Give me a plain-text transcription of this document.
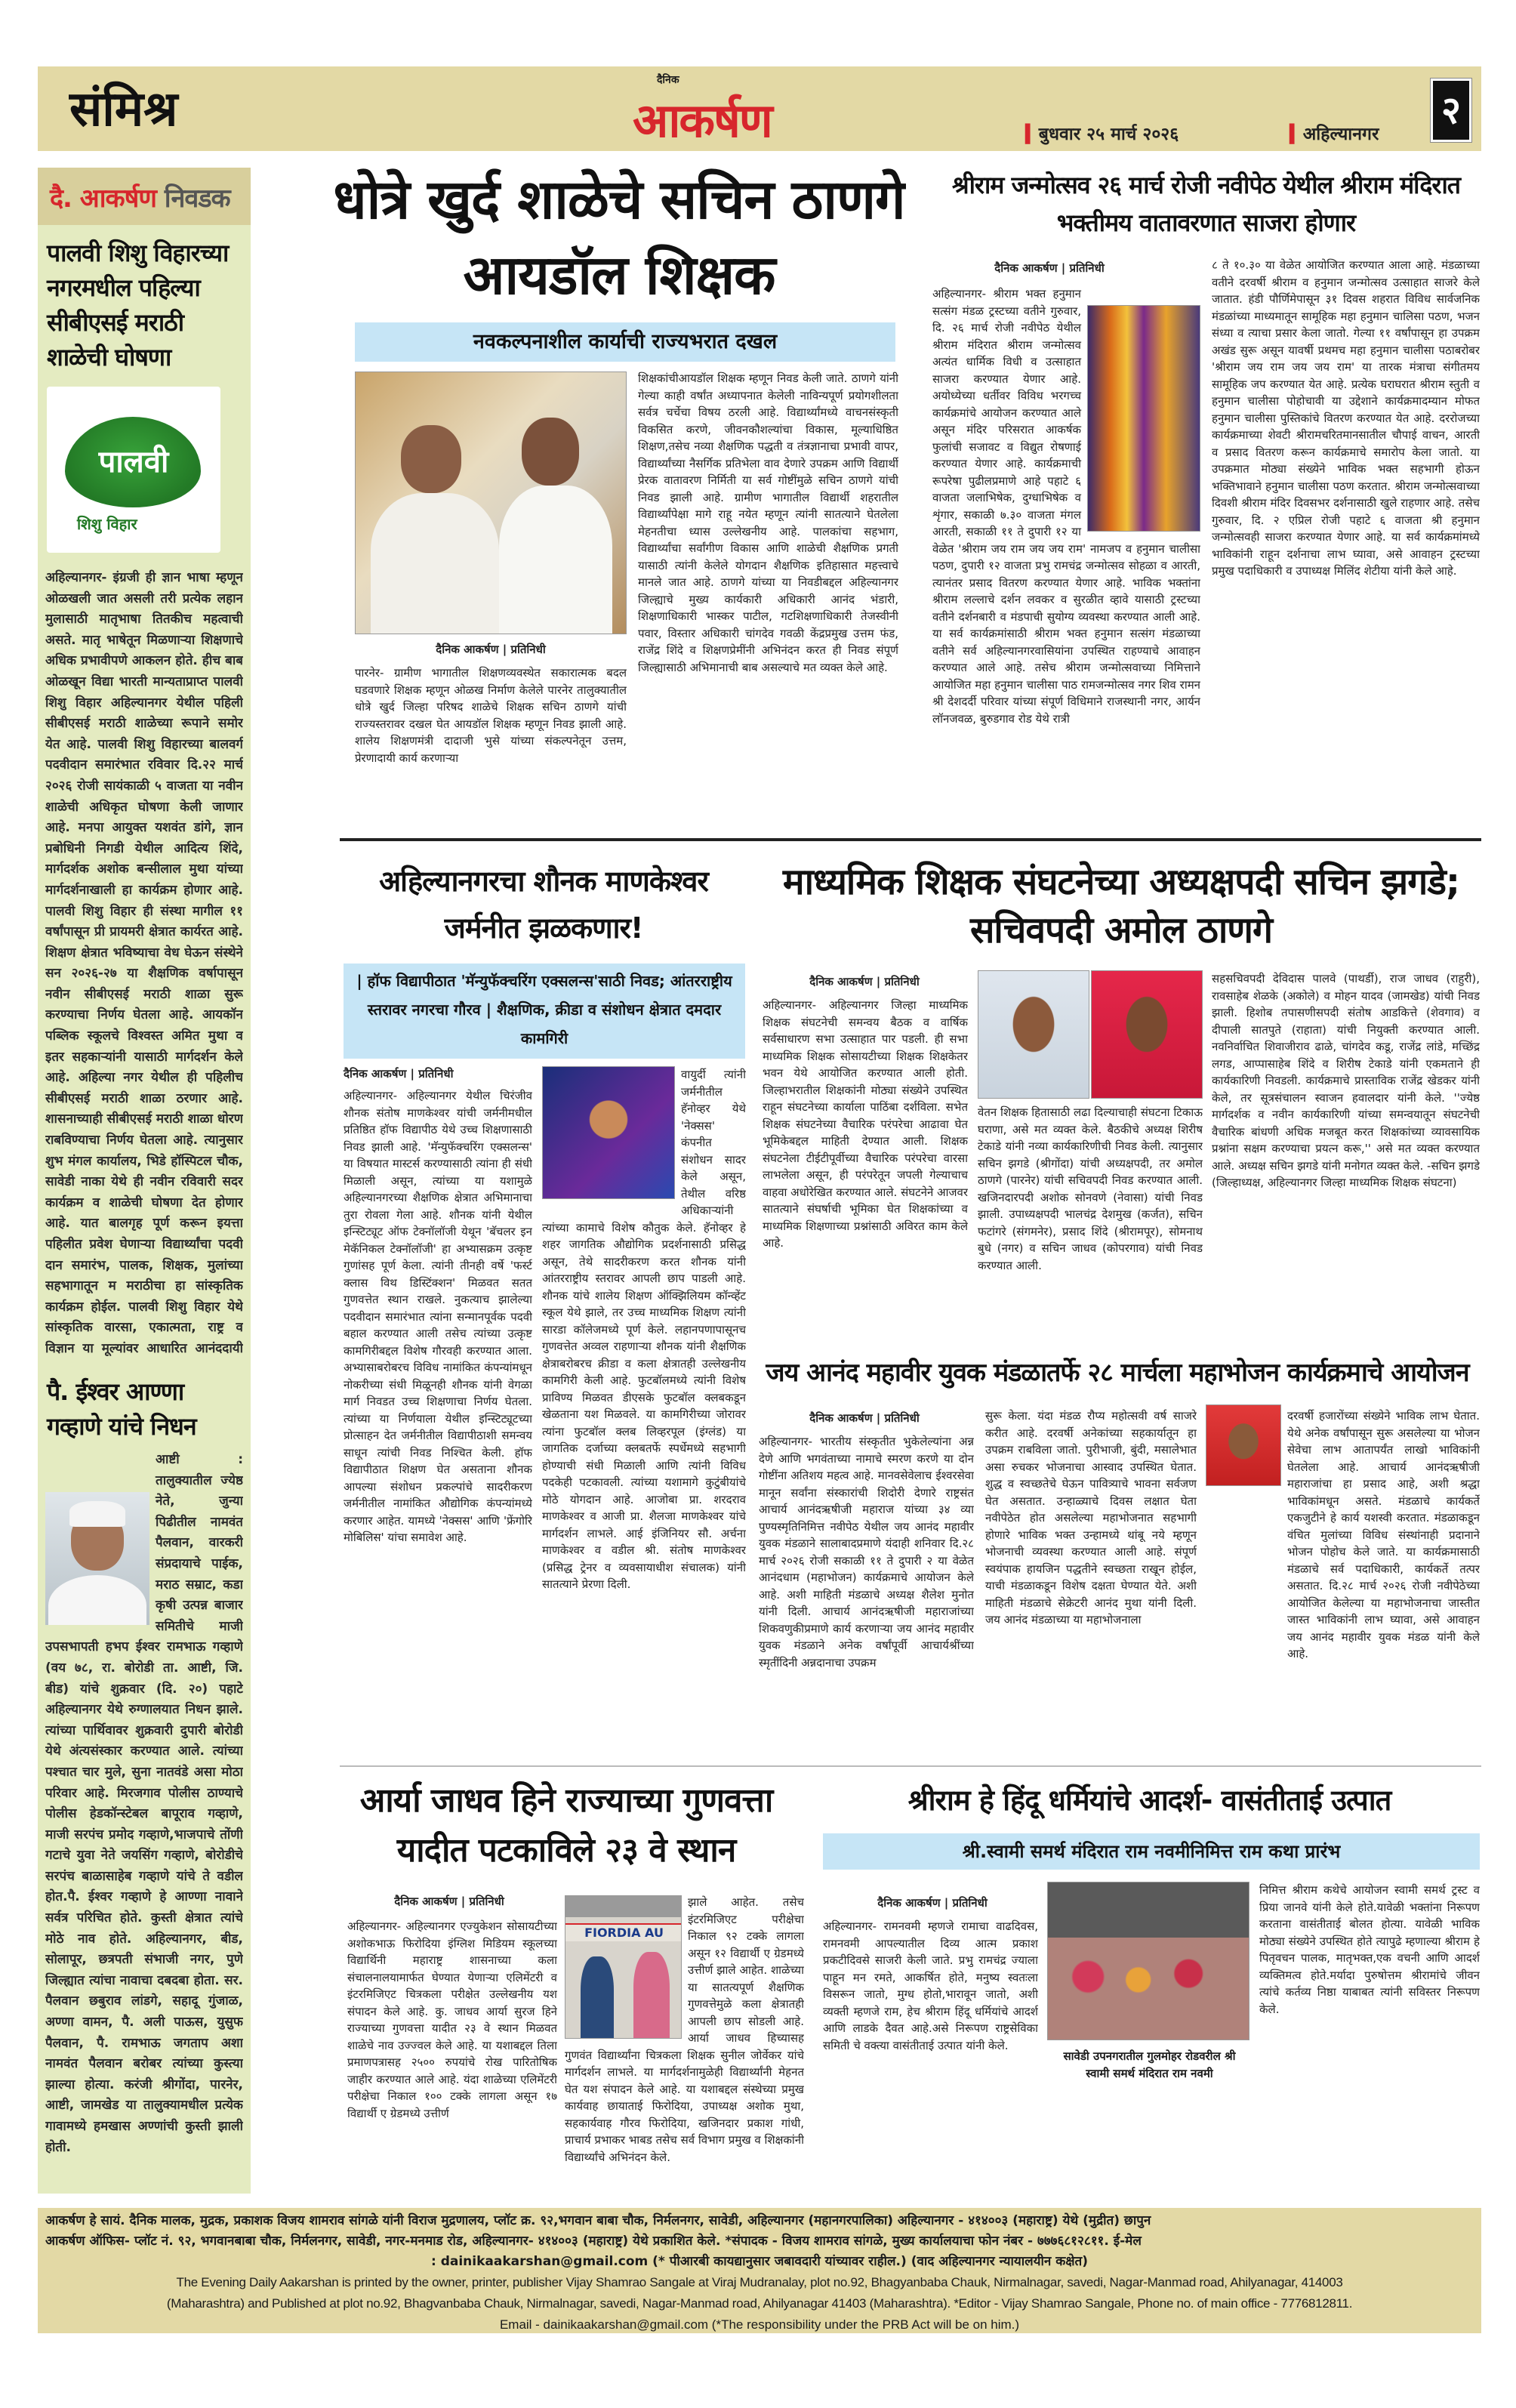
संमिश्र
दैनिक
आकर्षण	▍बुधवार २५ मार्च २०२६	▍अहिल्यानगर
२
दै. आकर्षण निवडक
पालवी शिशु विहारच्या नगरमधील पहिल्या सीबीएसई मराठी शाळेची घोषणा
पालवी
शिशु विहार
अहिल्यानगर- इंग्रजी ही ज्ञान भाषा म्हणून ओळखली जात असली तरी प्रत्येक लहान मुलासाठी मातृभाषा तितकीच महत्वाची असते. मातृ भाषेतून मिळणाऱ्या शिक्षणाचे अधिक प्रभावीपणे आकलन होते. हीच बाब ओळखून विद्या भारती मान्यताप्राप्त पालवी शिशु विहार अहिल्यानगर येथील पहिली सीबीएसई मराठी शाळेच्या रूपाने समोर येत आहे. पालवी शिशु विहारच्या बालवर्ग पदवीदान समारंभात रविवार दि.२२ मार्च २०२६ रोजी सायंकाळी ५ वाजता या नवीन शाळेची अधिकृत घोषणा केली जाणार आहे. मनपा आयुक्त यशवंत डांगे, ज्ञान प्रबोधिनी निगडी येथील आदित्य शिंदे, मार्गदर्शक अशोक बन्सीलाल मुथा यांच्या मार्गदर्शनाखाली हा कार्यक्रम होणार आहे. पालवी शिशु विहार ही संस्था मागील ११ वर्षांपासून प्री प्रायमरी क्षेत्रात कार्यरत आहे. शिक्षण क्षेत्रात भविष्याचा वेध घेऊन संस्थेने सन २०२६-२७ या शैक्षणिक वर्षापासून नवीन सीबीएसई मराठी शाळा सुरू करण्याचा निर्णय घेतला आहे. आयकॉन पब्लिक स्कूलचे विश्वस्त अमित मुथा व इतर सहकाऱ्यांनी यासाठी मार्गदर्शन केले आहे. अहिल्या नगर येथील ही पहिलीच सीबीएसई मराठी शाळा ठरणार आहे. शासनाच्याही सीबीएसई मराठी शाळा धोरण राबविण्याचा निर्णय घेतला आहे. त्यानुसार शुभ मंगल कार्यालय, भिडे हॉस्पिटल चौक, सावेडी नाका येथे ही नवीन रविवारी सदर कार्यक्रम व शाळेची घोषणा देत होणार आहे. यात बालगृह पूर्ण करून इयत्ता पहिलीत प्रवेश घेणाऱ्या विद्यार्थ्यांचा पदवी दान समारंभ, पालक, शिक्षक, मुलांच्या सहभागातून म मराठीचा हा सांस्कृतिक कार्यक्रम होईल. पालवी शिशु विहार येथे सांस्कृतिक वारसा, एकात्मता, राष्ट्र व विज्ञान या मूल्यांवर आधारित आनंददायी
पै. ईश्वर आण्णा गव्हाणे यांचे निधन
आष्टी : तालुक्यातील ज्येष्ठ नेते, जुन्या पिढीतील नामवंत पैलवान, वारकरी संप्रदायाचे पाईक, मराठ सम्राट, कडा कृषी उत्पन्न बाजार समितीचे माजी उपसभापती हभप ईश्वर रामभाऊ गव्हाणे (वय ७८, रा. बोरोडी ता. आष्टी, जि. बीड) यांचे शुक्रवार (दि. २०) पहाटे अहिल्यानगर येथे रुग्णालयात निधन झाले. त्यांच्या पार्थिवावर शुक्रवारी दुपारी बोरोडी येथे अंत्यसंस्कार करण्यात आले. त्यांच्या पश्चात चार मुले, सुना नातवंडे असा मोठा परिवार आहे. मिरजगाव पोलीस ठाण्याचे पोलीस हेडकॉन्स्टेबल बापूराव गव्हाणे, माजी सरपंच प्रमोद गव्हाणे,भाजपाचे तोंणी गटाचे युवा नेते जयसिंग गव्हाणे, बोरोडीचे सरपंच बाळासाहेब गव्हाणे यांचे ते वडील होत.पै. ईश्वर गव्हाणे हे आण्णा नावाने सर्वत्र परिचित होते. कुस्ती क्षेत्रात त्यांचे मोठे नाव होते. अहिल्यानगर, बीड, सोलापूर, छत्रपती संभाजी नगर, पुणे जिल्ह्यात त्यांचा नावाचा दबदबा होता. सर. पैलवान छबुराव लांडगे, सहादू गुंजाळ, अण्णा वामन, पै. अली पाऊस, युसुफ पैलवान, पै. रामभाऊ जगताप अशा नामवंत पैलवान बरोबर त्यांच्या कुस्त्या झाल्या होत्या. करंजी श्रीगोंदा, पारनेर, आष्टी, जामखेड या तालुक्यामधील प्रत्येक गावामध्ये हमखास अण्णांची कुस्ती झाली होती.
धोत्रे खुर्द शाळेचे सचिन ठाणगे आयडॉल शिक्षक
नवकल्पनाशील कार्याची राज्यभरात दखल
दैनिक आकर्षण | प्रतिनिधी
पारनेर- ग्रामीण भागातील शिक्षणव्यवस्थेत सकारात्मक बदल घडवणारे शिक्षक म्हणून ओळख निर्माण केलेले पारनेर तालुक्यातील धोत्रे खुर्द जिल्हा परिषद शाळेचे शिक्षक सचिन ठाणगे यांची राज्यस्तरावर दखल घेत आयडॉल शिक्षक म्हणून निवड झाली आहे. शालेय शिक्षणमंत्री दादाजी भुसे यांच्या संकल्पनेतून उत्तम, प्रेरणादायी कार्य करणाऱ्या
शिक्षकांचीआयडॉल शिक्षक म्हणून निवड केली जाते. ठाणगे यांनी गेल्या काही वर्षांत अध्यापनात केलेली नाविन्यपूर्ण प्रयोगशीलता सर्वत्र चर्चेचा विषय ठरली आहे. विद्यार्थ्यांमध्ये वाचनसंस्कृती विकसित करणे, जीवनकौशल्यांचा विकास, मूल्याधिष्ठित शिक्षण,तसेच नव्या शैक्षणिक पद्धती व तंत्रज्ञानाचा प्रभावी वापर, विद्यार्थ्यांच्या नैसर्गिक प्रतिभेला वाव देणारे उपक्रम आणि विद्यार्थी प्रेरक वातावरण निर्मिती या सर्व गोष्टींमुळे सचिन ठाणगे यांची निवड झाली आहे. ग्रामीण भागातील विद्यार्थी शहरातील विद्यार्थ्यांपेक्षा मागे राहू नयेत म्हणून त्यांनी सातत्याने घेतलेला मेहनतीचा ध्यास उल्लेखनीय आहे. पालकांचा सहभाग, विद्यार्थ्यांचा सर्वांगीण विकास आणि शाळेची शैक्षणिक प्रगती यासाठी त्यांनी केलेले योगदान शैक्षणिक इतिहासात महत्त्वाचे मानले जात आहे. ठाणगे यांच्या या निवडीबद्दल अहिल्यानगर जिल्ह्याचे मुख्य कार्यकारी अधिकारी आनंद भंडारी, शिक्षणाधिकारी भास्कर पाटील, गटशिक्षणाधिकारी तेजस्वीनी पवार, विस्तार अधिकारी चांगदेव गवळी केंद्रप्रमुख उत्तम फंड, राजेंद्र शिंदे व शिक्षणप्रेमींनी अभिनंदन करत ही निवड संपूर्ण जिल्ह्यासाठी अभिमानाची बाब असल्याचे मत व्यक्त केले आहे.
श्रीराम जन्मोत्सव २६ मार्च रोजी नवीपेठ येथील श्रीराम मंदिरात भक्तीमय वातावरणात साजरा होणार
दैनिक आकर्षण | प्रतिनिधी
अहिल्यानगर- श्रीराम भक्त हनुमान सत्संग मंडळ ट्रस्टच्या वतीने गुरुवार, दि. २६ मार्च रोजी नवीपेठ येथील श्रीराम मंदिरात श्रीराम जन्मोत्सव अत्यंत धार्मिक विधी व उत्साहात साजरा करण्यात येणार आहे. अयोध्येच्या धर्तीवर विविध भरगच्च कार्यक्रमांचे आयोजन करण्यात आले असून मंदिर परिसरात आकर्षक फुलांची सजावट व विद्युत रोषणाई करण्यात येणार आहे. कार्यक्रमाची रूपरेषा पुढीलप्रमाणे आहे पहाटे ६ वाजता जलाभिषेक, दुग्धाभिषेक व शृंगार, सकाळी ७.३० वाजता मंगल आरती, सकाळी ११ ते दुपारी १२ या वेळेत 'श्रीराम जय राम जय जय राम' नामजप व हनुमान चालीसा पठण, दुपारी १२ वाजता प्रभु रामचंद्र जन्मोत्सव सोहळा व आरती, त्यानंतर प्रसाद वितरण करण्यात येणार आहे. भाविक भक्तांना श्रीराम लल्लाचे दर्शन लवकर व सुरळीत व्हावे यासाठी ट्रस्टच्या वतीने दर्शनबारी व मंडपाची सुयोग्य व्यवस्था करण्यात आली आहे. या सर्व कार्यक्रमांसाठी श्रीराम भक्त हनुमान सत्संग मंडळाच्या वतीने सर्व अहिल्यानगरवासियांना उपस्थित राहण्याचे आवाहन करण्यात आले आहे. तसेच श्रीराम जन्मोत्सवाच्या निमित्ताने आयोजित महा हनुमान चालीसा पाठ रामजन्मोत्सव नगर शिव रामन श्री देशदर्दी परिवार यांच्या संपूर्ण विधिमाने राजस्थानी नगर, आर्यन लॉनजवळ, बुरुडगाव रोड येथे रात्री
८ ते १०.३० या वेळेत आयोजित करण्यात आला आहे. मंडळाच्या वतीने दरवर्षी श्रीराम व हनुमान जन्मोत्सव उत्साहात साजरे केले जातात. हंडी पौर्णिमेपासून ३१ दिवस शहरात विविध सार्वजनिक मंडळांच्या माध्यमातून सामूहिक महा हनुमान चालिसा पठण, भजन संध्या व त्याचा प्रसार केला जातो. गेल्या ११ वर्षांपासून हा उपक्रम अखंड सुरू असून यावर्षी प्रथमच महा हनुमान चालीसा पठाबरोबर 'श्रीराम जय राम जय जय राम' या तारक मंत्राचा संगीतमय सामूहिक जप करण्यात येत आहे. प्रत्येक घराघरात श्रीराम स्तुती व हनुमान चालीसा पोहोचावी या उद्देशाने कार्यक्रमादम्यान मोफत हनुमान चालीसा पुस्तिकांचे वितरण करण्यात येत आहे. दररोजच्या कार्यक्रमाच्या शेवटी श्रीरामचरितमानसातील चौपाई वाचन, आरती व प्रसाद वितरण करून कार्यक्रमाचे समारोप केला जातो. या उपक्रमात मोठ्या संख्येने भाविक भक्त सहभागी होऊन भक्तिभावाने हनुमान चालीसा पठण करतात. श्रीराम जन्मोत्सवाच्या दिवशी श्रीराम मंदिर दिवसभर दर्शनासाठी खुले राहणार आहे. तसेच गुरुवार, दि. २ एप्रिल रोजी पहाटे ६ वाजता श्री हनुमान जन्मोत्सवही साजरा करण्यात येणार आहे. या सर्व कार्यक्रमांमध्ये भाविकांनी राहून दर्शनाचा लाभ घ्यावा, असे आवाहन ट्रस्टच्या प्रमुख पदाधिकारी व उपाध्यक्ष मिलिंद शेटीया यांनी केले आहे.
अहिल्यानगरचा शौनक माणकेश्वर जर्मनीत झळकणार!
| हॉफ विद्यापीठात 'मॅन्युफॅक्चरिंग एक्सलन्स'साठी निवड; आंतरराष्ट्रीय स्तरावर नगरचा गौरव | शैक्षणिक, क्रीडा व संशोधन क्षेत्रात दमदार कामगिरी
दैनिक आकर्षण | प्रतिनिधी
अहिल्यानगर- अहिल्यानगर येथील चिरंजीव शौनक संतोष माणकेश्वर यांची जर्मनीमधील प्रतिष्ठित हॉफ विद्यापीठ येथे उच्च शिक्षणासाठी निवड झाली आहे. 'मॅन्युफॅक्चरिंग एक्सलन्स' या विषयात मास्टर्स करण्यासाठी त्यांना ही संधी मिळाली असून, त्यांच्या या यशामुळे अहिल्यानगरच्या शैक्षणिक क्षेत्रात अभिमानाचा तुरा रोवला गेला आहे. शौनक यांनी येथील इन्स्टिट्यूट ऑफ टेक्नॉलॉजी येथून 'बॅचलर इन मेकॅनिकल टेक्नॉलॉजी' हा अभ्यासक्रम उत्कृष्ट गुणांसह पूर्ण केला. त्यांनी तीनही वर्षे 'फर्स्ट क्लास विथ डिस्टिंक्शन' मिळवत सतत गुणवत्तेत स्थान राखले. नुकत्याच झालेल्या पदवीदान समारंभात त्यांना सन्मानपूर्वक पदवी बहाल करण्यात आली तसेच त्यांच्या उत्कृष्ट कामगिरीबद्दल विशेष गौरवही करण्यात आला. अभ्यासाबरोबरच विविध नामांकित कंपन्यांमधून नोकरीच्या संधी मिळूनही शौनक यांनी वेगळा मार्ग निवडत उच्च शिक्षणाचा निर्णय घेतला. त्यांच्या या निर्णयाला येथील इन्स्टिट्यूटच्या प्रोत्साहन देत जर्मनीतील विद्यापीठाशी समन्वय साधून त्यांची निवड निश्चित केली. हॉफ विद्यापीठात शिक्षण घेत असताना शौनक आपल्या संशोधन प्रकल्पांचे सादरीकरण जर्मनीतील नामांकित औद्योगिक कंपन्यांमध्ये करणार आहेत. यामध्ये 'नेक्सस' आणि 'फ्रेंगोरि मोबिलिस' यांचा समावेश आहे.
वायुर्दी त्यांनी जर्मनीतील हॅनोव्हर येथे 'नेक्सस' कंपनीत संशोधन सादर केले असून, तेथील वरिष्ठ अधिकाऱ्यांनी त्यांच्या कामाचे विशेष कौतुक केले. हॅनोव्हर हे शहर जागतिक औद्योगिक प्रदर्शनासाठी प्रसिद्ध असून, तेथे सादरीकरण करत शौनक यांनी आंतरराष्ट्रीय स्तरावर आपली छाप पाडली आहे. शौनक यांचे शालेय शिक्षण ऑक्झिलियम कॉन्व्हेंट स्कूल येथे झाले, तर उच्च माध्यमिक शिक्षण त्यांनी सारडा कॉलेजमध्ये पूर्ण केले. लहानपणापासूनच गुणवत्तेत अव्वल राहणाऱ्या शौनक यांनी शैक्षणिक क्षेत्राबरोबरच क्रीडा व कला क्षेत्रातही उल्लेखनीय कामगिरी केली आहे. फुटबॉलमध्ये त्यांनी विशेष प्राविण्य मिळवत डीएसके फुटबॉल क्लबकडून खेळताना यश मिळवले. या कामगिरीच्या जोरावर त्यांना फुटबॉल क्लब लिव्हरपूल (इंग्लंड) या जागतिक दर्जाच्या क्लबतर्फे स्पर्धेमध्ये सहभागी होण्याची संधी मिळाली आणि त्यांनी विविध पदकेही पटकावली. त्यांच्या यशामागे कुटुंबीयांचे मोठे योगदान आहे. आजोबा प्रा. शरदराव माणकेश्वर व आजी प्रा. शैलजा माणकेश्वर यांचे मार्गदर्शन लाभले. आई इंजिनियर सौ. अर्चना माणकेश्वर व वडील श्री. संतोष माणकेश्वर (प्रसिद्ध ट्रेनर व व्यवसायाधीश संचालक) यांनी सातत्याने प्रेरणा दिली.
माध्यमिक शिक्षक संघटनेच्या अध्यक्षपदी सचिन झगडे; सचिवपदी अमोल ठाणगे
दैनिक आकर्षण | प्रतिनिधी
अहिल्यानगर- अहिल्यानगर जिल्हा माध्यमिक शिक्षक संघटनेची समन्वय बैठक व वार्षिक सर्वसाधारण सभा उत्साहात पार पडली. ही सभा माध्यमिक शिक्षक सोसायटीच्या शिक्षक शिक्षकेतर भवन येथे आयोजित करण्यात आली होती. जिल्हाभरातील शिक्षकांनी मोठ्या संख्येने उपस्थित राहून संघटनेच्या कार्याला पाठिंबा दर्शविला. सभेत शिक्षक संघटनेच्या वैचारिक परंपरेचा आढावा घेत भूमिकेबद्दल माहिती देण्यात आली. शिक्षक संघटनेला टीईटीपूर्वीच्या वैचारिक परंपरेचा वारसा लाभलेला असून, ही परंपरेतून जपली गेल्याचाच वाहवा अधोरेखित करण्यात आले. संघटनेने आजवर सातत्याने संघर्षाची भूमिका घेत शिक्षकांच्या व माध्यमिक शिक्षणाच्या प्रश्नांसाठी अविरत काम केले आहे.
वेतन शिक्षक हितासाठी लढा दिल्याचाही संघटना टिकाऊ घराणा, असे मत व्यक्त केले. बैठकीचे अध्यक्ष शिरीष टेकाडे यांनी नव्या कार्यकारिणीची निवड केली. त्यानुसार सचिन झगडे (श्रीगोंदा) यांची अध्यक्षपदी, तर अमोल ठाणगे (पारनेर) यांची सचिवपदी निवड करण्यात आली. खजिनदारपदी अशोक सोनवणे (नेवासा) यांची निवड झाली. उपाध्यक्षपदी भालचंद्र देशमुख (कर्जत), सचिन फटांगरे (संगमनेर), प्रसाद शिंदे (श्रीरामपूर), सोमनाथ बुधे (नगर) व सचिन जाधव (कोपरगाव) यांची निवड करण्यात आली.
सहसचिवपदी देविदास पालवे (पाथर्डी), राज जाधव (राहुरी), रावसाहेब शेळके (अकोले) व मोहन यादव (जामखेड) यांची निवड झाली. हिशोब तपासणीसपदी संतोष आडकित्ते (शेवगाव) व दीपाली सातपुते (राहाता) यांची नियुक्ती करण्यात आली. नवनिर्वाचित शिवाजीराव ढाळे, चांगदेव कडू, राजेंद्र लांडे, मच्छिंद्र लगड, आप्पासाहेब शिंदे व शिरीष टेकाडे यांनी एकमताने ही कार्यकारिणी निवडली. कार्यक्रमाचे प्रास्ताविक राजेंद्र खेडकर यांनी केले, तर सूत्रसंचालन स्वाजन हवालदार यांनी केले. ''ज्येष्ठ मार्गदर्शक व नवीन कार्यकारिणी यांच्या समन्वयातून संघटनेची वैचारिक बांधणी अधिक मजबूत करत शिक्षकांच्या व्यावसायिक प्रश्नांना सक्षम करण्याचा प्रयत्न करू,'' असे मत व्यक्त करण्यात आले. अध्यक्ष सचिन झगडे यांनी मनोगत व्यक्त केले. -सचिन झगडे (जिल्हाध्यक्ष, अहिल्यानगर जिल्हा माध्यमिक शिक्षक संघटना)
जय आनंद महावीर युवक मंडळातर्फे २८ मार्चला महाभोजन कार्यक्रमाचे आयोजन
दैनिक आकर्षण | प्रतिनिधी
अहिल्यानगर- भारतीय संस्कृतीत भुकेलेल्यांना अन्न देणे आणि भगवंताच्या नामाचे स्मरण करणे या दोन गोष्टींना अतिशय महत्व आहे. मानवसेवेलाच ईश्वरसेवा मानून सर्वांना संस्कारांची शिदोरी देणारे राष्ट्रसंत आचार्य आनंदऋषीजी महाराज यांच्या ३४ व्या पुण्यस्मृतिनिमित्त नवीपेठ येथील जय आनंद महावीर युवक मंडळाने सालाबादप्रमाणे यंदाही शनिवार दि.२८ मार्च २०२६ रोजी सकाळी ११ ते दुपारी २ या वेळेत आनंदधाम (महाभोजन) कार्यक्रमाचे आयोजन केले आहे. अशी माहिती मंडळाचे अध्यक्ष शैलेश मुनोत यांनी दिली. आचार्य आनंदऋषीजी महाराजांच्या शिकवणुकीप्रमाणे कार्य करणाऱ्या जय आनंद महावीर युवक मंडळाने अनेक वर्षांपूर्वी आचार्यश्रींच्या स्मृतींदिनी अन्नदानाचा उपक्रम
सुरू केला. यंदा मंडळ रौप्य महोत्सवी वर्ष साजरे करीत आहे. दरवर्षी अनेकांच्या सहकार्यातून हा उपक्रम राबविला जातो. पुरीभाजी, बुंदी, मसालेभात असा रुचकर भोजनाचा आस्वाद उपस्थित घेतात. शुद्ध व स्वच्छतेचे घेऊन पावित्र्याचे भावना सर्वजण घेत असतात. उन्हाळ्याचे दिवस लक्षात घेता नवीपेठेत होत असलेल्या महाभोजनात सहभागी होणारे भाविक भक्त उन्हामध्ये थांबू नये म्हणून भोजनाची व्यवस्था करण्यात आली आहे. संपूर्ण स्वयंपाक हायजिन पद्धतीने स्वच्छता राखून होईल, याची मंडळाकडून विशेष दक्षता घेण्यात येते. अशी माहिती मंडळाचे सेक्रेटरी आनंद मुथा यांनी दिली. जय आनंद मंडळाच्या या महाभोजनाला
दरवर्षी हजारोंच्या संख्येने भाविक लाभ घेतात. येथे अनेक वर्षांपासून सुरू असलेल्या या भोजन सेवेचा लाभ आतापर्यंत लाखो भाविकांनी घेतलेला आहे. आचार्य आनंदऋषीजी महाराजांचा हा प्रसाद आहे, अशी श्रद्धा भाविकांमधून असते. मंडळाचे कार्यकर्ते एकजुटीने हे कार्य यशस्वी करतात. मंडळाकडून वंचित मुलांच्या विविध संस्थांनाही प्रदानाने भोजन पोहोच केले जाते. या कार्यक्रमासाठी मंडळाचे सर्व पदाधिकारी, कार्यकर्ते तत्पर असतात. दि.२८ मार्च २०२६ रोजी नवीपेठेच्या आयोजित केलेल्या या महाभोजनाचा जास्तीत जास्त भाविकांनी लाभ घ्यावा, असे आवाहन जय आनंद महावीर युवक मंडळ यांनी केले आहे.
आर्या जाधव हिने राज्याच्या गुणवत्ता यादीत पटकाविले २३ वे स्थान
दैनिक आकर्षण | प्रतिनिधी
अहिल्यानगर- अहिल्यानगर एज्युकेशन सोसायटीच्या अशोकभाऊ फिरोदिया इंग्लिश मिडियम स्कूलच्या विद्यार्थिनी महाराष्ट्र शासनाच्या कला संचालनालयामार्फत घेण्यात येणाऱ्या एलिमेंटरी व इंटरमिजिएट चित्रकला परीक्षेत उल्लेखनीय यश संपादन केले आहे. कु. जाधव आर्या सुरज हिने राज्याच्या गुणवत्ता यादीत २३ वे स्थान मिळवत शाळेचे नाव उज्ज्वल केले आहे. या यशाबद्दल तिला प्रमाणपत्रासह २५०० रुपयांचे रोख पारितोषिक जाहीर करण्यात आले आहे. यंदा शाळेच्या एलिमेंटरी परीक्षेचा निकाल १०० टक्के लागला असून १७ विद्यार्थी ए ग्रेडमध्ये उत्तीर्ण
FIORDIA AU
झाले आहेत. तसेच इंटरमिजिएट परीक्षेचा निकाल ९२ टक्के लागला असून १२ विद्यार्थी ए ग्रेडमध्ये उत्तीर्ण झाले आहेत. शाळेच्या या सातत्यपूर्ण शैक्षणिक गुणवत्तेमुळे कला क्षेत्रातही आपली छाप सोडली आहे. आर्या जाधव हिच्यासह गुणवंत विद्यार्थ्यांना चित्रकला शिक्षक सुनील जोर्वेकर यांचे मार्गदर्शन लाभले. या मार्गदर्शनामुळेही विद्यार्थ्यांनी मेहनत घेत यश संपादन केले आहे. या यशाबद्दल संस्थेच्या प्रमुख कार्यवाह छायाताई फिरोदिया, उपाध्यक्ष अशोक मुथा, सहकार्यवाह गौरव फिरोदिया, खजिनदार प्रकाश गांधी, प्राचार्य प्रभाकर भाबड तसेच सर्व विभाग प्रमुख व शिक्षकांनी विद्यार्थ्यांचे अभिनंदन केले.
श्रीराम हे हिंदू धर्मियांचे आदर्श- वासंतीताई उत्पात
श्री.स्वामी समर्थ मंदिरात राम नवमीनिमित्त राम कथा प्रारंभ
दैनिक आकर्षण | प्रतिनिधी
अहिल्यानगर- रामनवमी म्हणजे रामाचा वाढदिवस, रामनवमी आपल्यातील दिव्य आत्म प्रकाश प्रकटीदिवसे साजरी केली जाते. प्रभु रामचंद्र ज्याला पाहून मन रमते, आकर्षित होते, मनुष्य स्वतःला विसरून जातो, मुग्ध होतो,भारावून जातो, अशी व्यक्ती म्हणजे राम, हेच श्रीराम हिंदू धर्मियांचे आदर्श आणि लाडके दैवत आहे.असे निरूपण राष्ट्रसेविका समिती चे वक्त्या वासंतीताई उत्पात यांनी केले.
सावेडी उपनगरातील गुलमोहर रोडवरील श्री स्वामी समर्थ मंदिरात राम नवमी
निमित्त श्रीराम कथेचे आयोजन स्वामी समर्थ ट्रस्ट व प्रिया जानवे यांनी केले होते.यावेळी भक्तांना निरूपण करताना वासंतीताई बोलत होत्या. यावेळी भाविक मोठ्या संख्येने उपस्थित होते त्यापुढे म्हणाल्या श्रीराम हे पितृवचन पालक, मातृभक्त,एक वचनी आणि आदर्श व्यक्तिमत्व होते.मर्यादा पुरुषोत्तम श्रीरामांचे जीवन त्यांचे कर्तव्य निष्ठा याबाबत त्यांनी सविस्तर निरूपण केले.
आकर्षण हे सायं. दैनिक मालक, मुद्रक, प्रकाशक विजय शामराव सांगळे यांनी विराज मुद्रणालय, प्लॉट क्र. ९२,भगवान बाबा चौक, निर्मलनगर, सावेडी, अहिल्यानगर (महानगरपालिका) अहिल्यानगर - ४१४००३ (महाराष्ट्र) येथे (मुद्रीत) छापुन
आकर्षण ऑफिस- प्लॉट नं. ९२, भगवानबाबा चौक, निर्मलनगर, सावेडी, नगर-मनमाड रोड, अहिल्यानगर- ४१४००३ (महाराष्ट्र) येथे प्रकाशित केले. *संपादक - विजय शामराव सांगळे, मुख्य कार्यालयाचा फोन नंबर - ७७७६८१२८११. ई-मेल
: dainikaakarshan@gmail.com (* पीआरबी कायद्यानुसार जबावदारी यांच्यावर राहील.) (वाद अहिल्यानगर न्यायालयीन कक्षेत)
The Evening Daily Aakarshan is printed by the owner, printer, publisher Vijay Shamrao Sangale at Viraj Mudranalay, plot no.92, Bhagyanbaba Chauk, Nirmalnagar, savedi, Nagar-Manmad road, Ahilyanagar, 414003
(Maharashtra) and Published at plot no.92, Bhagvanbaba Chauk, Nirmalnagar, savedi, Nagar-Manmad road, Ahilyanagar 41403 (Maharashtra). *Editor - Vijay Shamrao Sangale, Phone no. of main office - 7776812811.
Email - dainikaakarshan@gmail.com (*The responsibility under the PRB Act will be on him.)
